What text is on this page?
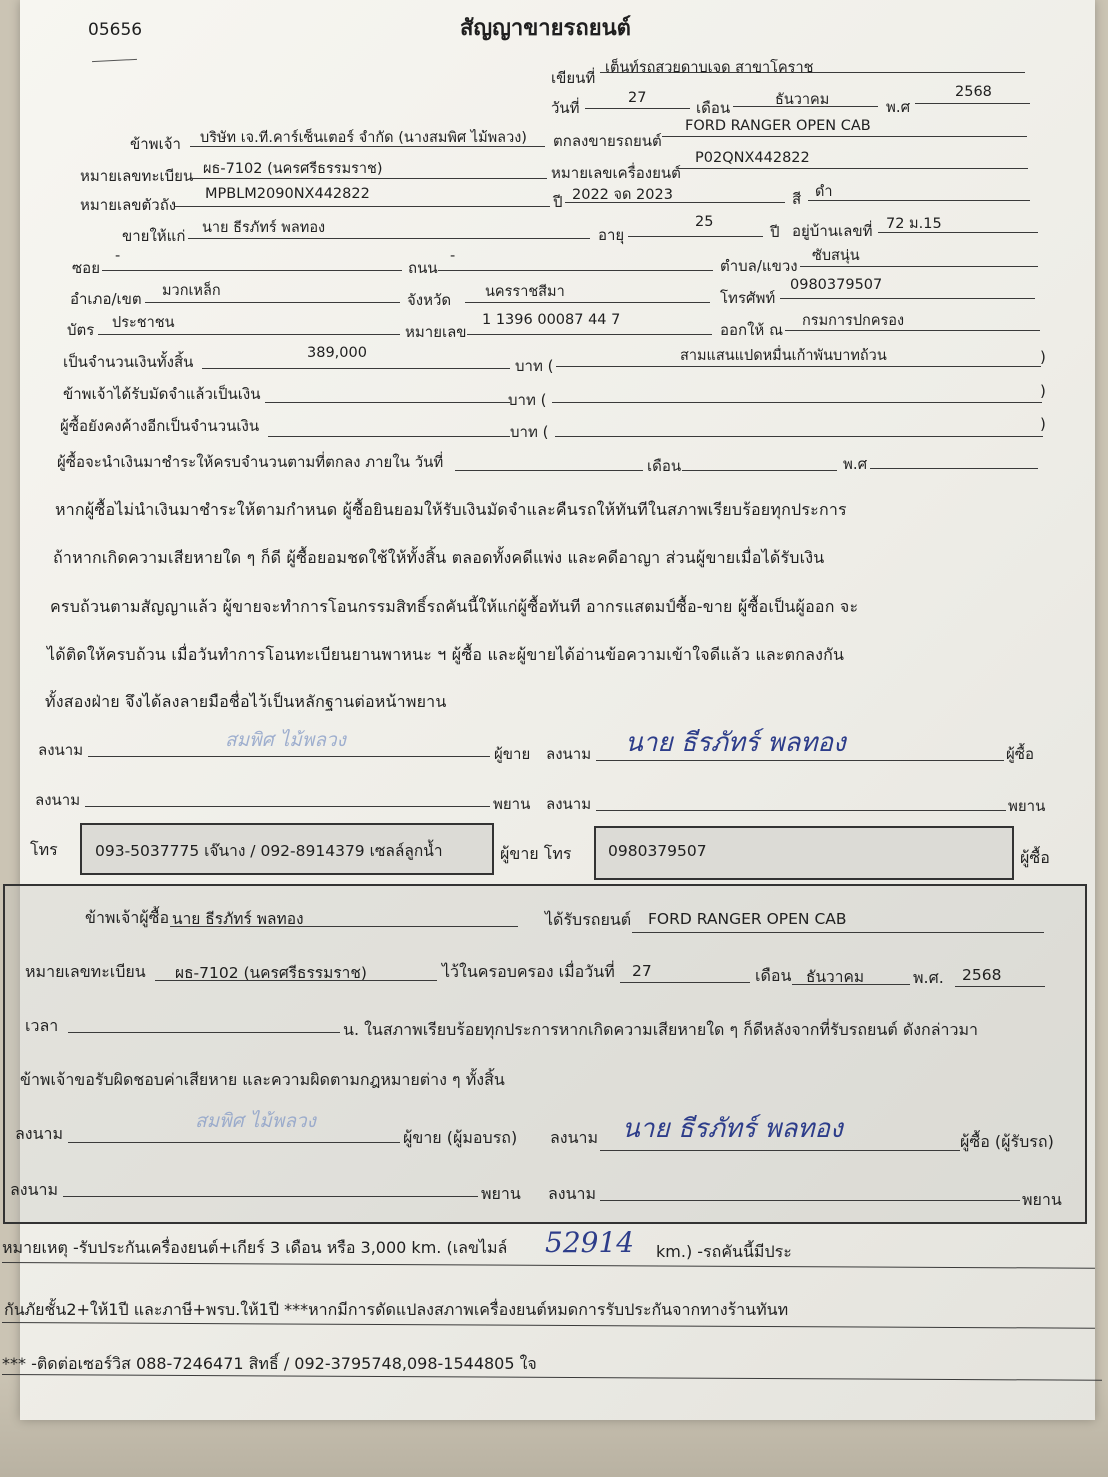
05656	สัญญาขายรถยนต์
เขียนที่
เต็นท์รถสวยดาบเจด สาขาโคราช
วันที่
27
เดือน	ธันวาคม	พ.ศ
2568
ข้าพเจ้า บริษัท เจ.ที.คาร์เซ็นเตอร์ จำกัด (นางสมพิศ ไม้พลวง) ตกลงขายรถยนต์
FORD RANGER OPEN CAB
หมายเลขทะเบียน ผธ-7102 (นครศรีธรรมราช)	หมายเลขเครื่องยนต์
P02QNX442822
หมายเลขตัวถัง
MPBLM2090NX442822	ปี 2022 จด 2023	สี ดำ
ขายให้แก่ นาย ธีรภัทร์ พลทอง	อายุ
25
ปี อยู่บ้านเลขที่ 72 ม.15
ซอย
-
ถนน
-
ตำบล/แขวง
ซับสนุ่น
อำเภอ/เขต มวกเหล็ก	จังหวัด นครราชสีมา	โทรศัพท์
0980379507
บัตร ประชาชน	หมายเลข
1 1396 00087 44 7
ออกให้ ณ กรมการปกครอง
เป็นจำนวนเงินทั้งสิ้น	389,000
บาท (
สามแสนแปดหมื่นเก้าพันบาทถ้วน	)
ข้าพเจ้าได้รับมัดจำแล้วเป็นเงิน	บาท (	)
ผู้ซื้อยังคงค้างอีกเป็นจำนวนเงิน	บาท (	)
ผู้ซื้อจะนำเงินมาชำระให้ครบจำนวนตามที่ตกลง ภายใน วันที่	เดือน	พ.ศ
หากผู้ซื้อไม่นำเงินมาชำระให้ตามกำหนด ผู้ซื้อยินยอมให้รับเงินมัดจำและคืนรถให้ทันทีในสภาพเรียบร้อยทุกประการ
ถ้าหากเกิดความเสียหายใด ๆ ก็ดี ผู้ซื้อยอมชดใช้ให้ทั้งสิ้น ตลอดทั้งคดีแพ่ง และคดีอาญา ส่วนผู้ขายเมื่อได้รับเงิน
ครบถ้วนตามสัญญาแล้ว ผู้ขายจะทำการโอนกรรมสิทธิ์รถคันนี้ให้แก่ผู้ซื้อทันที อากรแสตมป์ซื้อ-ขาย ผู้ซื้อเป็นผู้ออก จะ
ได้ติดให้ครบถ้วน เมื่อวันทำการโอนทะเบียนยานพาหนะ ฯ ผู้ซื้อ และผู้ขายได้อ่านข้อความเข้าใจดีแล้ว และตกลงกัน
ทั้งสองฝ่าย จึงได้ลงลายมือชื่อไว้เป็นหลักฐานต่อหน้าพยาน
ลงนาม	สมพิศ ไม้พลวง
ผู้ขาย ลงนาม นาย ธีรภัทร์ พลทอง	ผู้ซื้อ
ลงนาม	พยาน ลงนาม	พยาน
โทร 093-5037775 เจ๊นาง / 092-8914379 เซลล์ลูกน้ำ	ผู้ขาย โทร 0980379507	ผู้ซื้อ
ข้าพเจ้าผู้ซื้อ นาย ธีรภัทร์ พลทอง	ได้รับรถยนต์ FORD RANGER OPEN CAB
หมายเลขทะเบียน ผธ-7102 (นครศรีธรรมราช)	ไว้ในครอบครอง เมื่อวันที่ 27	เดือน ธันวาคม	พ.ศ. 2568
เวลา	น. ในสภาพเรียบร้อยทุกประการหากเกิดความเสียหายใด ๆ ก็ดีหลังจากที่รับรถยนต์ ดังกล่าวมา
ข้าพเจ้าขอรับผิดชอบค่าเสียหาย และความผิดตามกฎหมายต่าง ๆ ทั้งสิ้น
ลงนาม
สมพิศ ไม้พลวง
ผู้ขาย (ผู้มอบรถ) ลงนาม นาย ธีรภัทร์ พลทอง	ผู้ซื้อ (ผู้รับรถ)
ลงนาม	พยาน ลงนาม	พยาน
หมายเหตุ -รับประกันเครื่องยนต์+เกียร์ 3 เดือน หรือ 3,000 km. (เลขไมล์ 52914 km.) -รถคันนี้มีประ
กันภัยชั้น2+ให้1ปี และภาษี+พรบ.ให้1ปี ***หากมีการดัดแปลงสภาพเครื่องยนต์หมดการรับประกันจากทางร้านทันท
*** -ติดต่อเซอร์วิส 088-7246471 สิทธิ์ / 092-3795748,098-1544805 ใจ
